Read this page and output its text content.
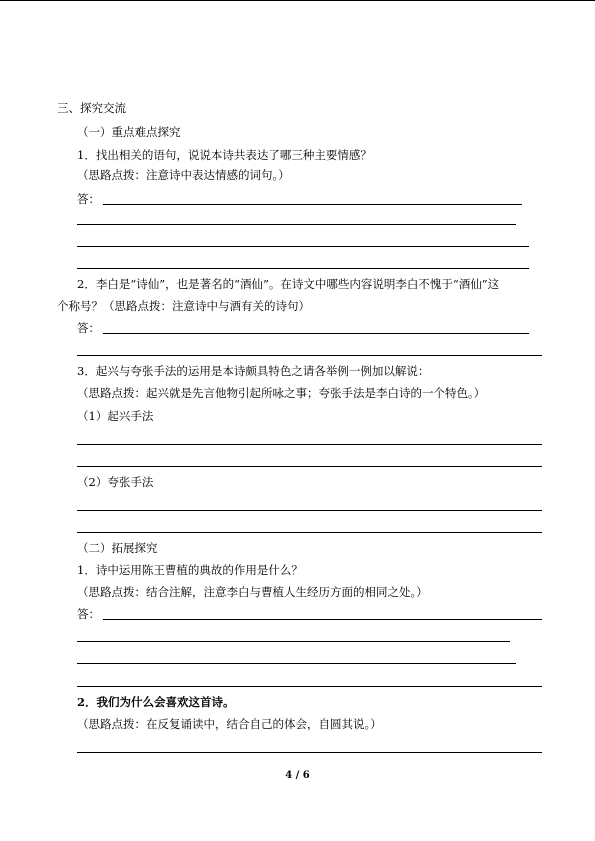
三、探究交流
（一）重点难点探究
1．找出相关的语句，说说本诗共表达了哪三种主要情感？
（思路点拨：注意诗中表达情感的词句。）
答：
2．李白是“诗仙”，也是著名的“酒仙”。在诗文中哪些内容说明李白不愧于“酒仙”这
个称号？（思路点拨：注意诗中与酒有关的诗句）
答：
3．起兴与夸张手法的运用是本诗颇具特色之请各举例一例加以解说：
（思路点拨：起兴就是先言他物引起所咏之事；夸张手法是李白诗的一个特色。）
（1）起兴手法
（2）夸张手法
（二）拓展探究
1．诗中运用陈王曹植的典故的作用是什么？
（思路点拨：结合注解，注意李白与曹植人生经历方面的相同之处。）
答：
2．我们为什么会喜欢这首诗。
（思路点拨：在反复诵读中，结合自己的体会，自圆其说。）
4 / 6
